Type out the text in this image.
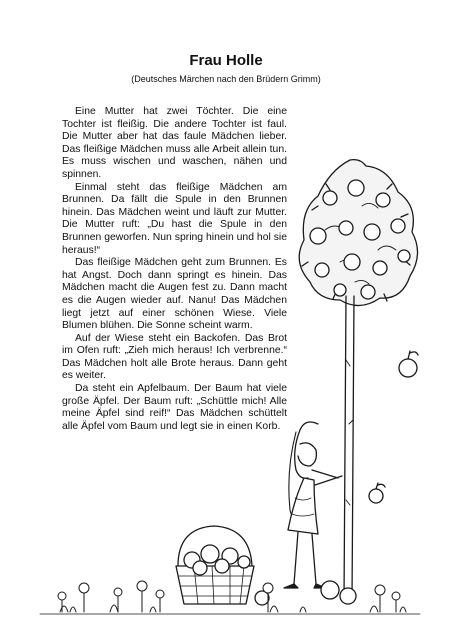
Frau Holle
(Deutsches Märchen nach den Brüdern Grimm)

Eine Mutter hat zwei Töchter. Die eine Tochter ist fleißig. Die andere Tochter ist faul. Die Mutter aber hat das faule Mädchen lieber. Das fleißige Mädchen muss alle Arbeit allein tun. Es muss wischen und waschen, nähen und spinnen.

Einmal steht das fleißige Mädchen am Brunnen. Da fällt die Spule in den Brunnen hinein. Das Mädchen weint und läuft zur Mutter. Die Mutter ruft: „Du hast die Spule in den Brunnen geworfen. Nun spring hinein und hol sie heraus!“

Das fleißige Mädchen geht zum Brunnen. Es hat Angst. Doch dann springt es hinein. Das Mädchen macht die Augen fest zu. Dann macht es die Augen wieder auf. Nanu! Das Mädchen liegt jetzt auf einer schönen Wiese. Viele Blumen blühen. Die Sonne scheint warm.

Auf der Wiese steht ein Backofen. Das Brot im Ofen ruft: „Zieh mich heraus! Ich verbrenne.“ Das Mädchen holt alle Brote heraus. Dann geht es weiter.

Da steht ein Apfelbaum. Der Baum hat viele große Äpfel. Der Baum ruft: „Schüttle mich! Alle meine Äpfel sind reif!“ Das Mädchen schüttelt alle Äpfel vom Baum und legt sie in einen Korb.
